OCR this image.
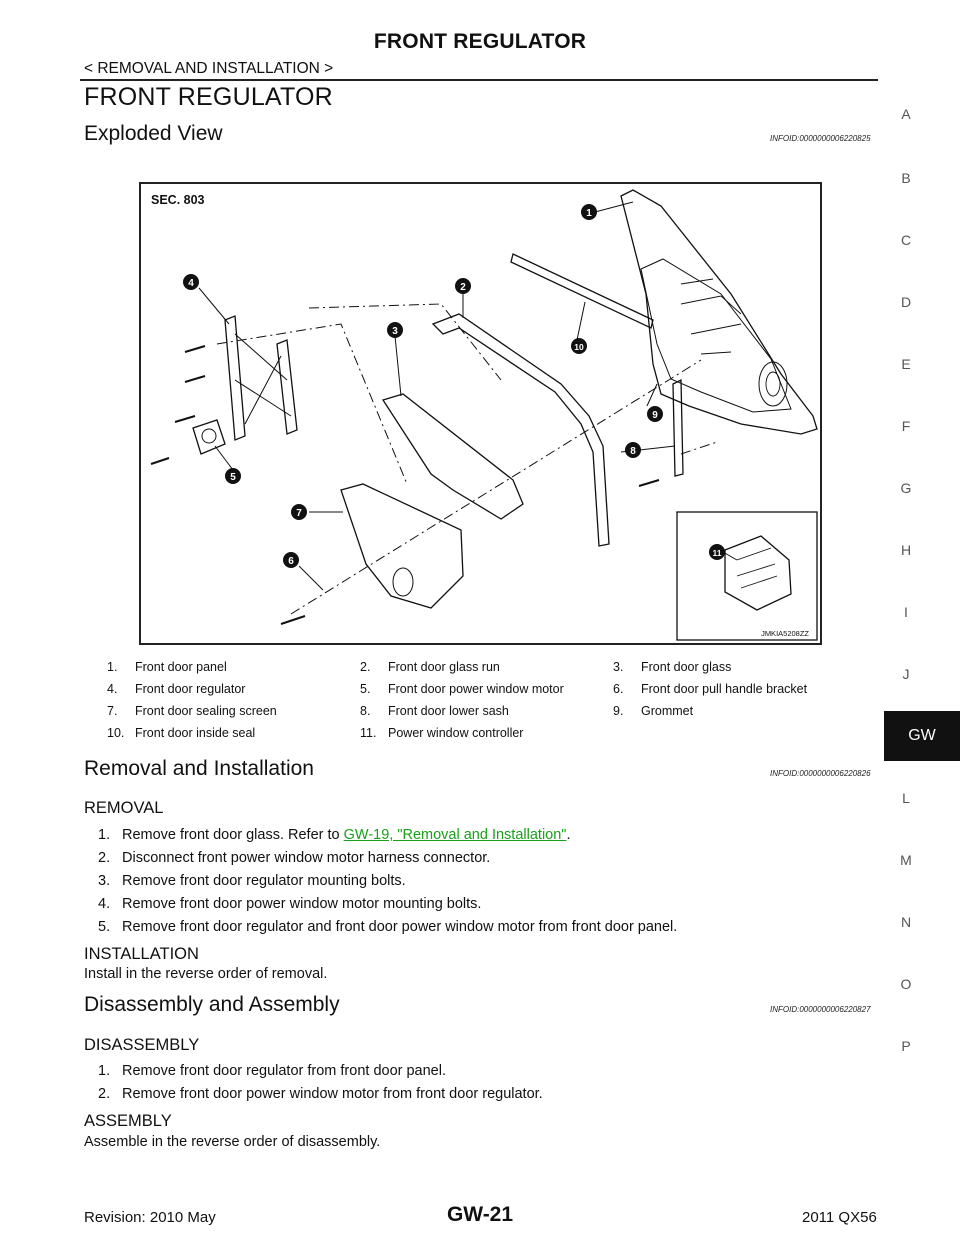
FRONT REGULATOR
< REMOVAL AND INSTALLATION >
FRONT REGULATOR
A
B
C
D
E
F
G
H
I
J
GW
L
M
N
O
P
Exploded View	INFOID:0000000006220825
1
2
3
4
5
6
7
8
9
10
11
SEC. 803
JMKIA5208ZZ
1. Front door panel	2. Front door glass run	3. Front door glass
4. Front door regulator	5. Front door power window motor	6. Front door pull handle bracket
7. Front door sealing screen	8. Front door lower sash	9. Grommet
10. Front door inside seal	11. Power window controller	
Removal and Installation	INFOID:0000000006220826
REMOVAL
1. Remove front door glass. Refer to GW-19, "Removal and Installation".
2. Disconnect front power window motor harness connector.
3. Remove front door regulator mounting bolts.
4. Remove front door power window motor mounting bolts.
5. Remove front door regulator and front door power window motor from front door panel.
INSTALLATION
Install in the reverse order of removal.
Disassembly and Assembly	INFOID:0000000006220827
DISASSEMBLY
1. Remove front door regulator from front door panel.
2. Remove front door power window motor from front door regulator.
ASSEMBLY
Assemble in the reverse order of disassembly.
Revision: 2010 May	GW-21	2011 QX56
